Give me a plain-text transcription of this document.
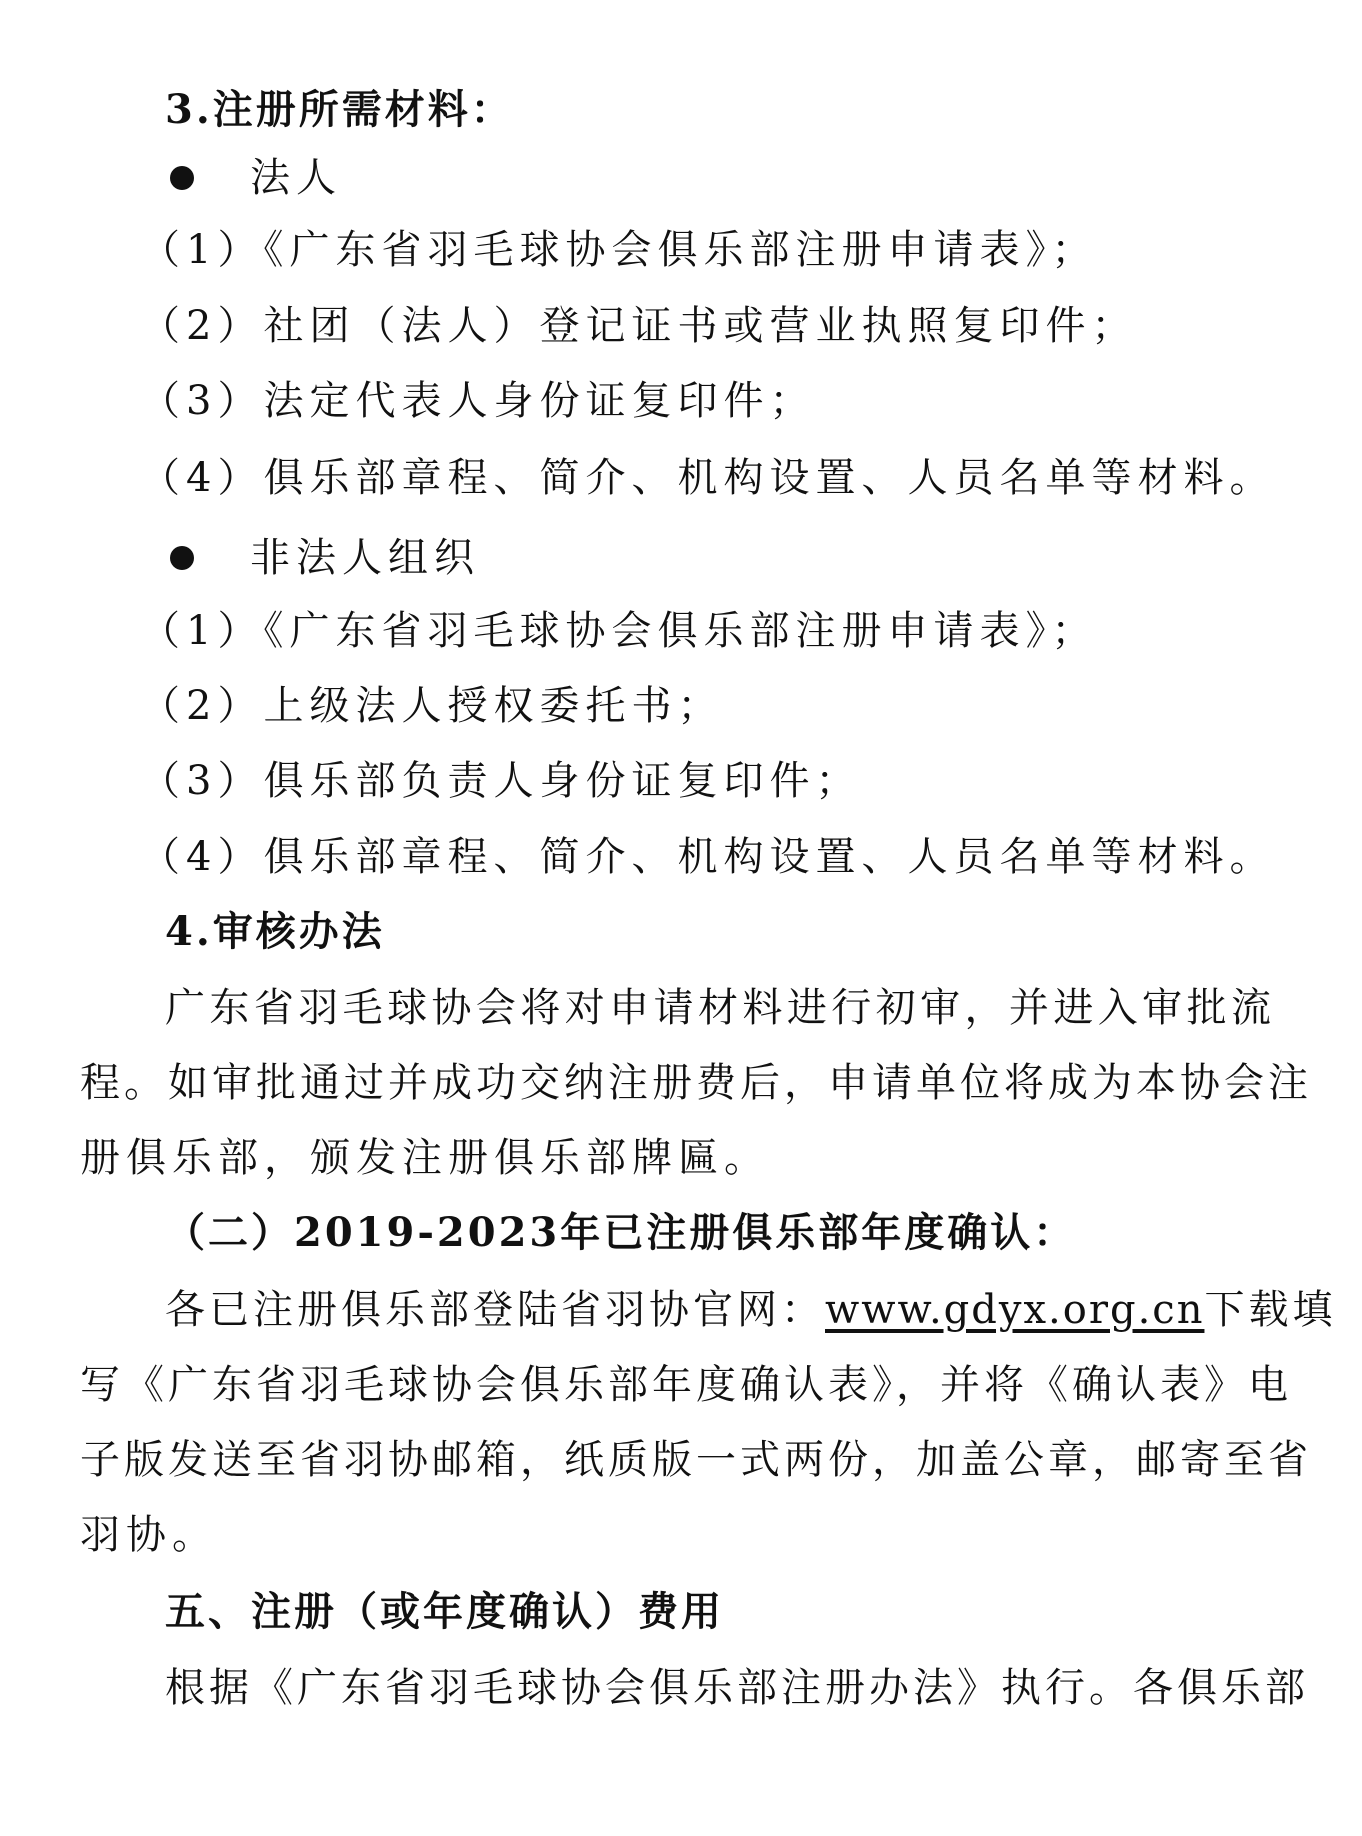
3.注册所需材料：
法人
（1）《广东省羽毛球协会俱乐部注册申请表》；
（2）社团（法人）登记证书或营业执照复印件；
（3）法定代表人身份证复印件；
（4）俱乐部章程、简介、机构设置、人员名单等材料。
非法人组织
（1）《广东省羽毛球协会俱乐部注册申请表》；
（2）上级法人授权委托书；
（3）俱乐部负责人身份证复印件；
（4）俱乐部章程、简介、机构设置、人员名单等材料。
4.审核办法
广东省羽毛球协会将对申请材料进行初审，并进入审批流
程。如审批通过并成功交纳注册费后，申请单位将成为本协会注
册俱乐部，颁发注册俱乐部牌匾。
（二）2019-2023年已注册俱乐部年度确认：
各已注册俱乐部登陆省羽协官网：www.gdyx.org.cn下载填
写《广东省羽毛球协会俱乐部年度确认表》，并将《确认表》电
子版发送至省羽协邮箱，纸质版一式两份，加盖公章，邮寄至省
羽协。
五、注册（或年度确认）费用
根据《广东省羽毛球协会俱乐部注册办法》执行。各俱乐部
